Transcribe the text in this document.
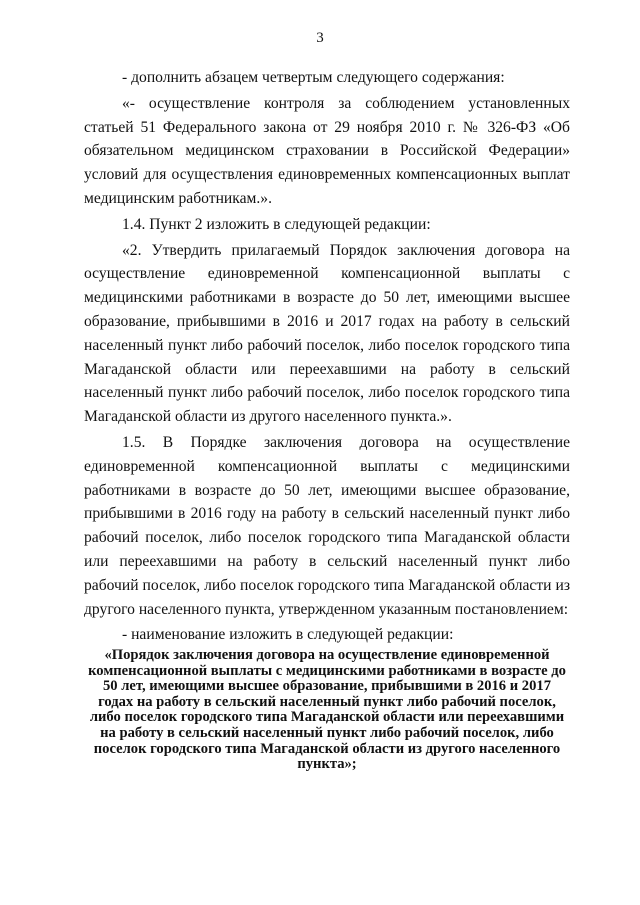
3

- дополнить абзацем четвертым следующего содержания:

«- осуществление контроля за соблюдением установленных статьей 51 Федерального закона от 29 ноября 2010 г. № 326-ФЗ «Об обязательном медицинском страховании в Российской Федерации» условий для осуществления единовременных компенсационных выплат медицинским работникам.».

1.4. Пункт 2 изложить в следующей редакции:

«2. Утвердить прилагаемый Порядок заключения договора на осуществление единовременной компенсационной выплаты с медицинскими работниками в возрасте до 50 лет, имеющими высшее образование, прибывшими в 2016 и 2017 годах на работу в сельский населенный пункт либо рабочий поселок, либо поселок городского типа Магаданской области или переехавшими на работу в сельский населенный пункт либо рабочий поселок, либо поселок городского типа Магаданской области из другого населенного пункта.».

1.5. В Порядке заключения договора на осуществление единовременной компенсационной выплаты с медицинскими работниками в возрасте до 50 лет, имеющими высшее образование, прибывшими в 2016 году на работу в сельский населенный пункт либо рабочий поселок, либо поселок городского типа Магаданской области или переехавшими на работу в сельский населенный пункт либо рабочий поселок, либо поселок городского типа Магаданской области из другого населенного пункта, утвержденном указанным постановлением:

- наименование изложить в следующей редакции:

«Порядок заключения договора на осуществление единовременной компенсационной выплаты с медицинскими работниками в возрасте до 50 лет, имеющими высшее образование, прибывшими в 2016 и 2017 годах на работу в сельский населенный пункт либо рабочий поселок, либо поселок городского типа Магаданской области или переехавшими на работу в сельский населенный пункт либо рабочий поселок, либо поселок городского типа Магаданской области из другого населенного пункта»;
